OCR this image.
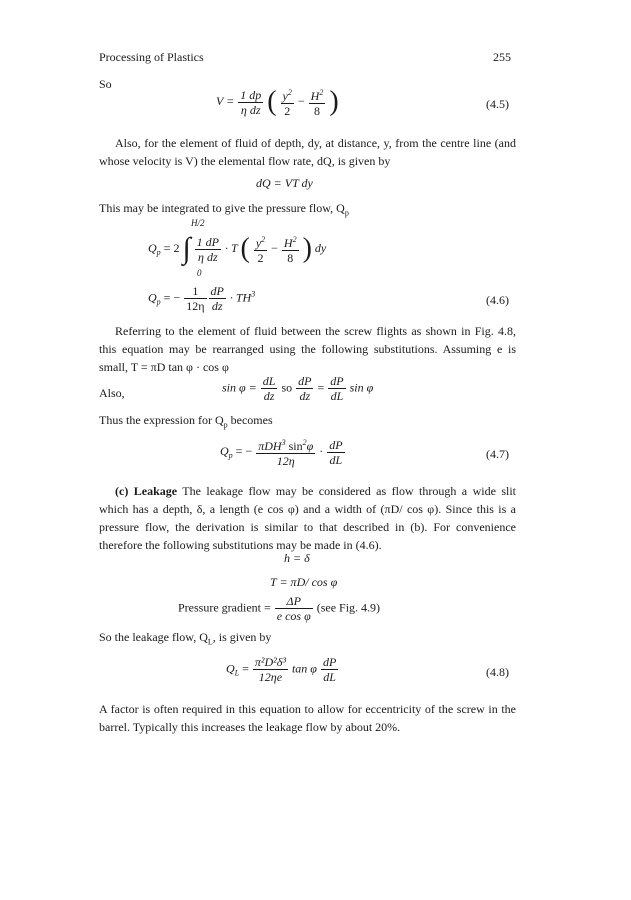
Processing of Plastics	255
So
$V = \frac{1 dp}{\text{η dz}}$ ( $\frac{y^2}{2} - \frac{H^2}{8}$ )	(4.5)

Also, for the element of fluid of depth, dy, at distance, y, from the centre line (and whose velocity is V) the elemental flow rate, dQ, is given by

dQ = VT dy
This may be integrated to give the pressure flow, $Q_p$
H/2
0
$Q_p = 2$ ∫ $\frac{1 dP}{\text{η dz}} \cdot T$ ( $\frac{y^2}{2} - \frac{H^2}{8}$ ) dy
$Q_p$ = − $\frac{1}{12\eta} \frac{dP}{dz} \cdot TH^3$	(4.6)

Referring to the element of fluid between the screw flights as shown in Fig. 4.8, this equation may be rearranged using the following substitutions. Assuming e is small, T = πD tan φ · cos φ

Also,	$\sin \varphi = \frac{dL}{dz}$ so $\frac{dP}{dz} = \frac{dP}{dL}$ sin φ
Thus the expression for $Q_p$ becomes
$Q_p$ = − $\frac{\pi DH^3 \sin^2\varphi}{12\eta} \cdot \frac{dP}{dL}$	(4.7)

(c) Leakage The leakage flow may be considered as flow through a wide slit which has a depth, δ, a length (e cos φ) and a width of (πD/ cos φ). Since this is a pressure flow, the derivation is similar to that described in (b). For convenience therefore the following substitutions may be made in (4.6).

h = δ
T = πD/ cos φ
Pressure gradient = $\frac{\Delta P}{\text{e cos φ}} (see$ Fig. 4.9)
So the leakage flow, $Q_L$, is given by
$Q_L = \frac{\text{π²D²δ³}}{12\eta e}$ tan φ $\frac{dP}{dL}$	(4.8)

A factor is often required in this equation to allow for eccentricity of the screw in the barrel. Typically this increases the leakage flow by about 20%.
